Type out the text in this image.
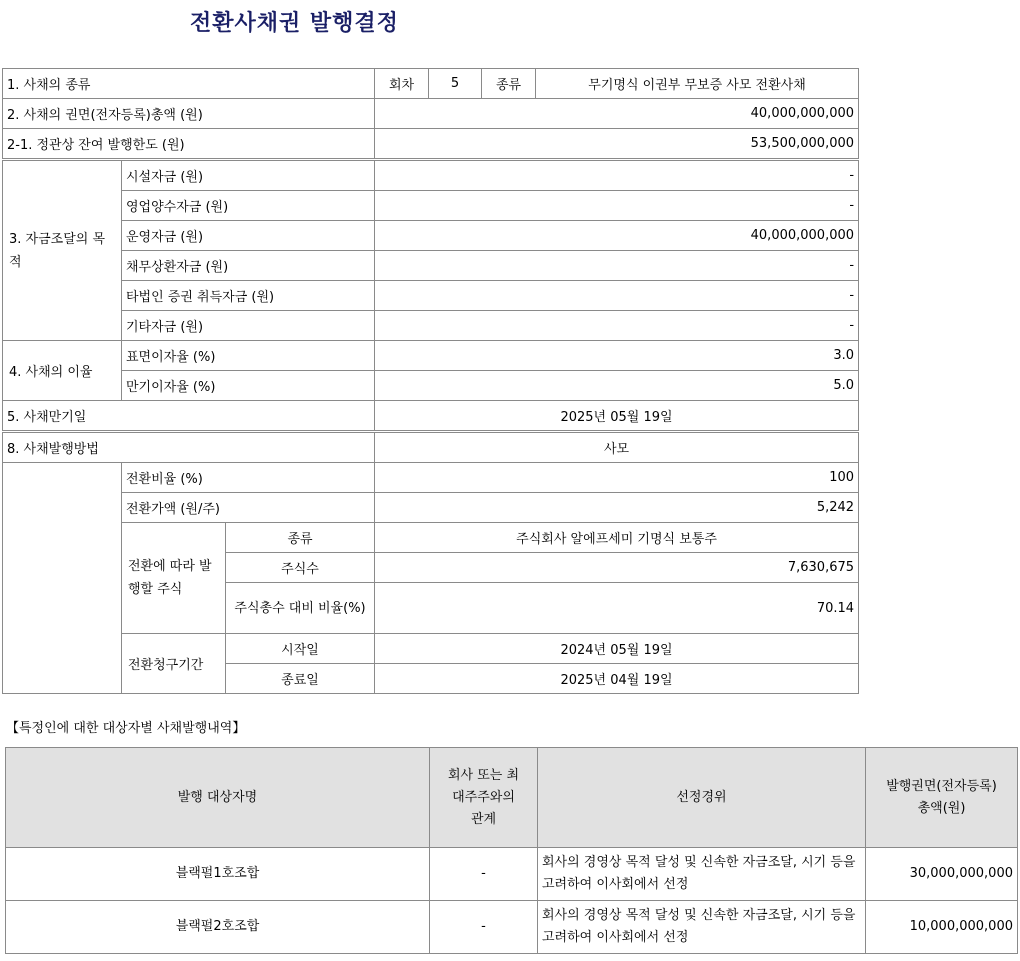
전환사채권 발행결정
1. 사채의 종류			회차	5	종류	무기명식 이권부 무보증 사모 전환사채
2. 사채의 권면(전자등록)총액 (원)			40,000,000,000			
2-1. 정관상 잔여 발행한도 (원)			53,500,000,000			
3. 자금조달의 목적	시설자금 (원)		-			
	영업양수자금 (원)		-			
	운영자금 (원)		40,000,000,000			
	채무상환자금 (원)		-			
	타법인 증권 취득자금 (원)		-			
	기타자금 (원)		-			
4. 사채의 이율	표면이자율 (%)		3.0			
	만기이자율 (%)		5.0			
5. 사채만기일			2025년 05월 19일			
8. 사채발행방법			사모			
	전환비율 (%)		100			
	전환가액 (원/주)		5,242			
	전환에 따라 발행할 주식	종류	주식회사 알에프세미 기명식 보통주			
		주식수	7,630,675			
		주식총수 대비 비율(%)	70.14			
	전환청구기간	시작일	2024년 05월 19일			
		종료일	2025년 04월 19일			
【특정인에 대한 대상자별 사채발행내역】
발행 대상자명	회사 또는 최대주주와의 관계	선정경위	발행권면(전자등록) 총액(원)
블랙펄1호조합	-	회사의 경영상 목적 달성 및 신속한 자금조달, 시기 등을 고려하여 이사회에서 선정	30,000,000,000
블랙펄2호조합	-	회사의 경영상 목적 달성 및 신속한 자금조달, 시기 등을 고려하여 이사회에서 선정	10,000,000,000
